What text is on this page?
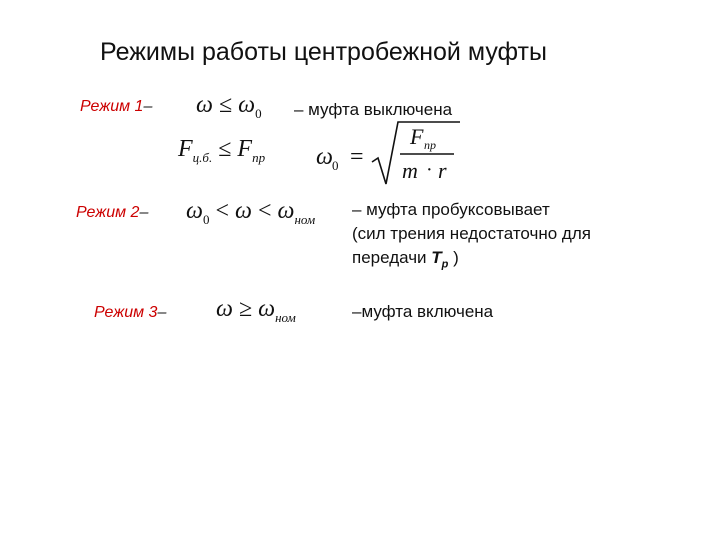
Режимы работы центробежной муфты
Режим 1– $\omega \le \omega_0$ – муфта выключена
$F_{ц.б.} \le F_{пр}$ ω 0 =
F пр
m · r
Режим 2– $\omega_0 < \omega < \omega_{ном}$
– муфта пробуксовывает
(сил трения недостаточно для
передачи $T_p$ )
Режим 3– $\omega \ge \omega_{ном}$	–муфта включена
